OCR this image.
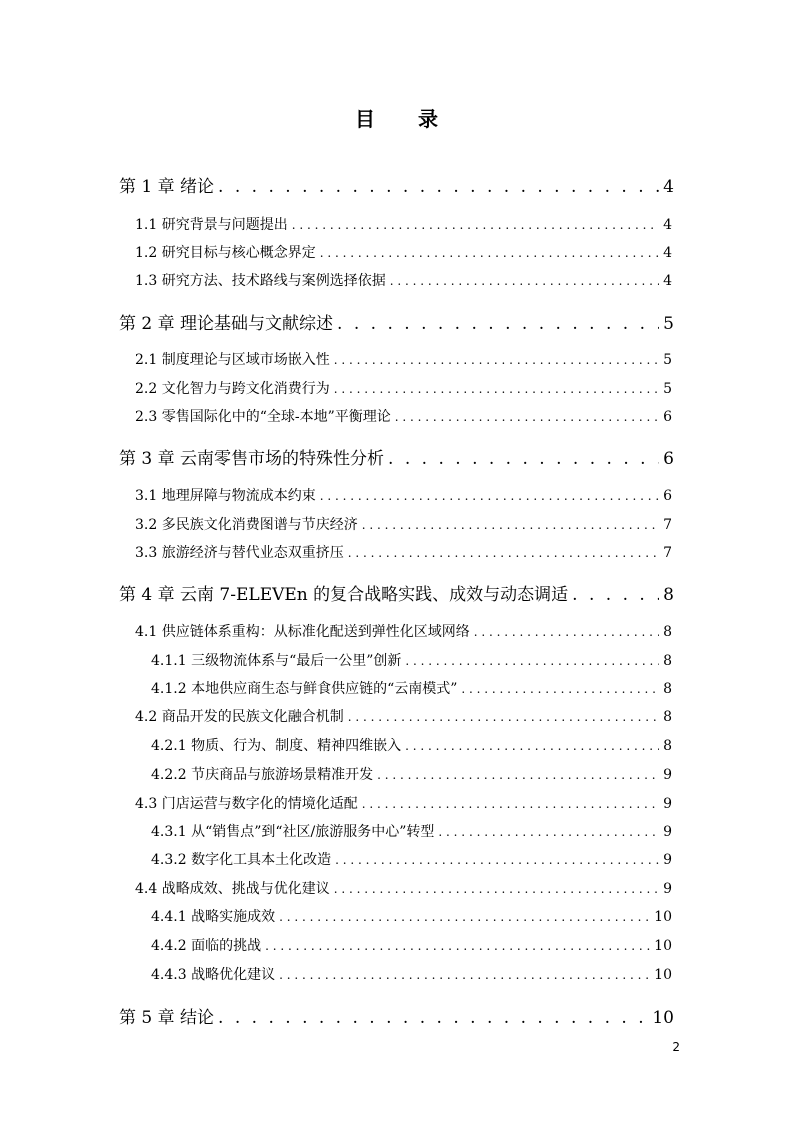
目 录
第 1 章 绪论 . . .	4
1.1 研究背景与问题提出 . . .	4
1.2 研究目标与核心概念界定 . . .	4
1.3 研究方法、技术路线与案例选择依据 . . .	4
第 2 章 理论基础与文献综述 . . .	5
2.1 制度理论与区域市场嵌入性 . . .	5
2.2 文化智力与跨文化消费行为 . . .	5
2.3 零售国际化中的“全球-本地”平衡理论 . . .	6
第 3 章 云南零售市场的特殊性分析 . . .	6
3.1 地理屏障与物流成本约束 . . .	6
3.2 多民族文化消费图谱与节庆经济 . . .	7
3.3 旅游经济与替代业态双重挤压 . . .	7
第 4 章 云南 7-ELEVEn 的复合战略实践、成效与动态调适 . . .	8
4.1 供应链体系重构：从标准化配送到弹性化区域网络 . . .	8
4.1.1 三级物流体系与“最后一公里”创新 . . .	8
4.1.2 本地供应商生态与鲜食供应链的“云南模式” . . .	8
4.2 商品开发的民族文化融合机制 . . .	8
4.2.1 物质、行为、制度、精神四维嵌入 . . .	8
4.2.2 节庆商品与旅游场景精准开发 . . .	9
4.3 门店运营与数字化的情境化适配 . . .	9
4.3.1 从“销售点”到“社区/旅游服务中心”转型 . . .	9
4.3.2 数字化工具本土化改造 . . .	9
4.4 战略成效、挑战与优化建议 . . .	9
4.4.1 战略实施成效 . . .	10
4.4.2 面临的挑战 . . .	10
4.4.3 战略优化建议 . . .	10
第 5 章 结论 . . .	10
2
